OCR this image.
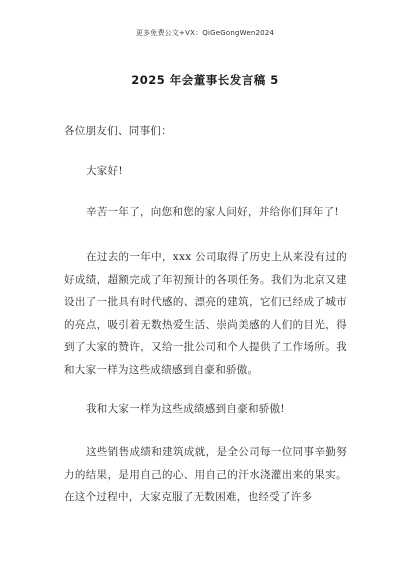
更多免费公文+VX：QiGeGongWen2024
2025 年会董事长发言稿 5
各位朋友们、同事们：
大家好!
辛苦一年了，向您和您的家人问好，并给你们拜年了!
在过去的一年中，xxx 公司取得了历史上从来没有过的好成绩，超额完成了年初预计的各项任务。我们为北京又建设出了一批具有时代感的、漂亮的建筑，它们已经成了城市的亮点，吸引着无数热爱生活、崇尚美感的人们的目光，得到了大家的赞许，又给一批公司和个人提供了工作场所。我和大家一样为这些成绩感到自豪和骄傲。
我和大家一样为这些成绩感到自豪和骄傲!
这些销售成绩和建筑成就，是全公司每一位同事辛勤努力的结果，是用自己的心、用自己的汗水浇灌出来的果实。在这个过程中，大家克服了无数困难，也经受了许多
